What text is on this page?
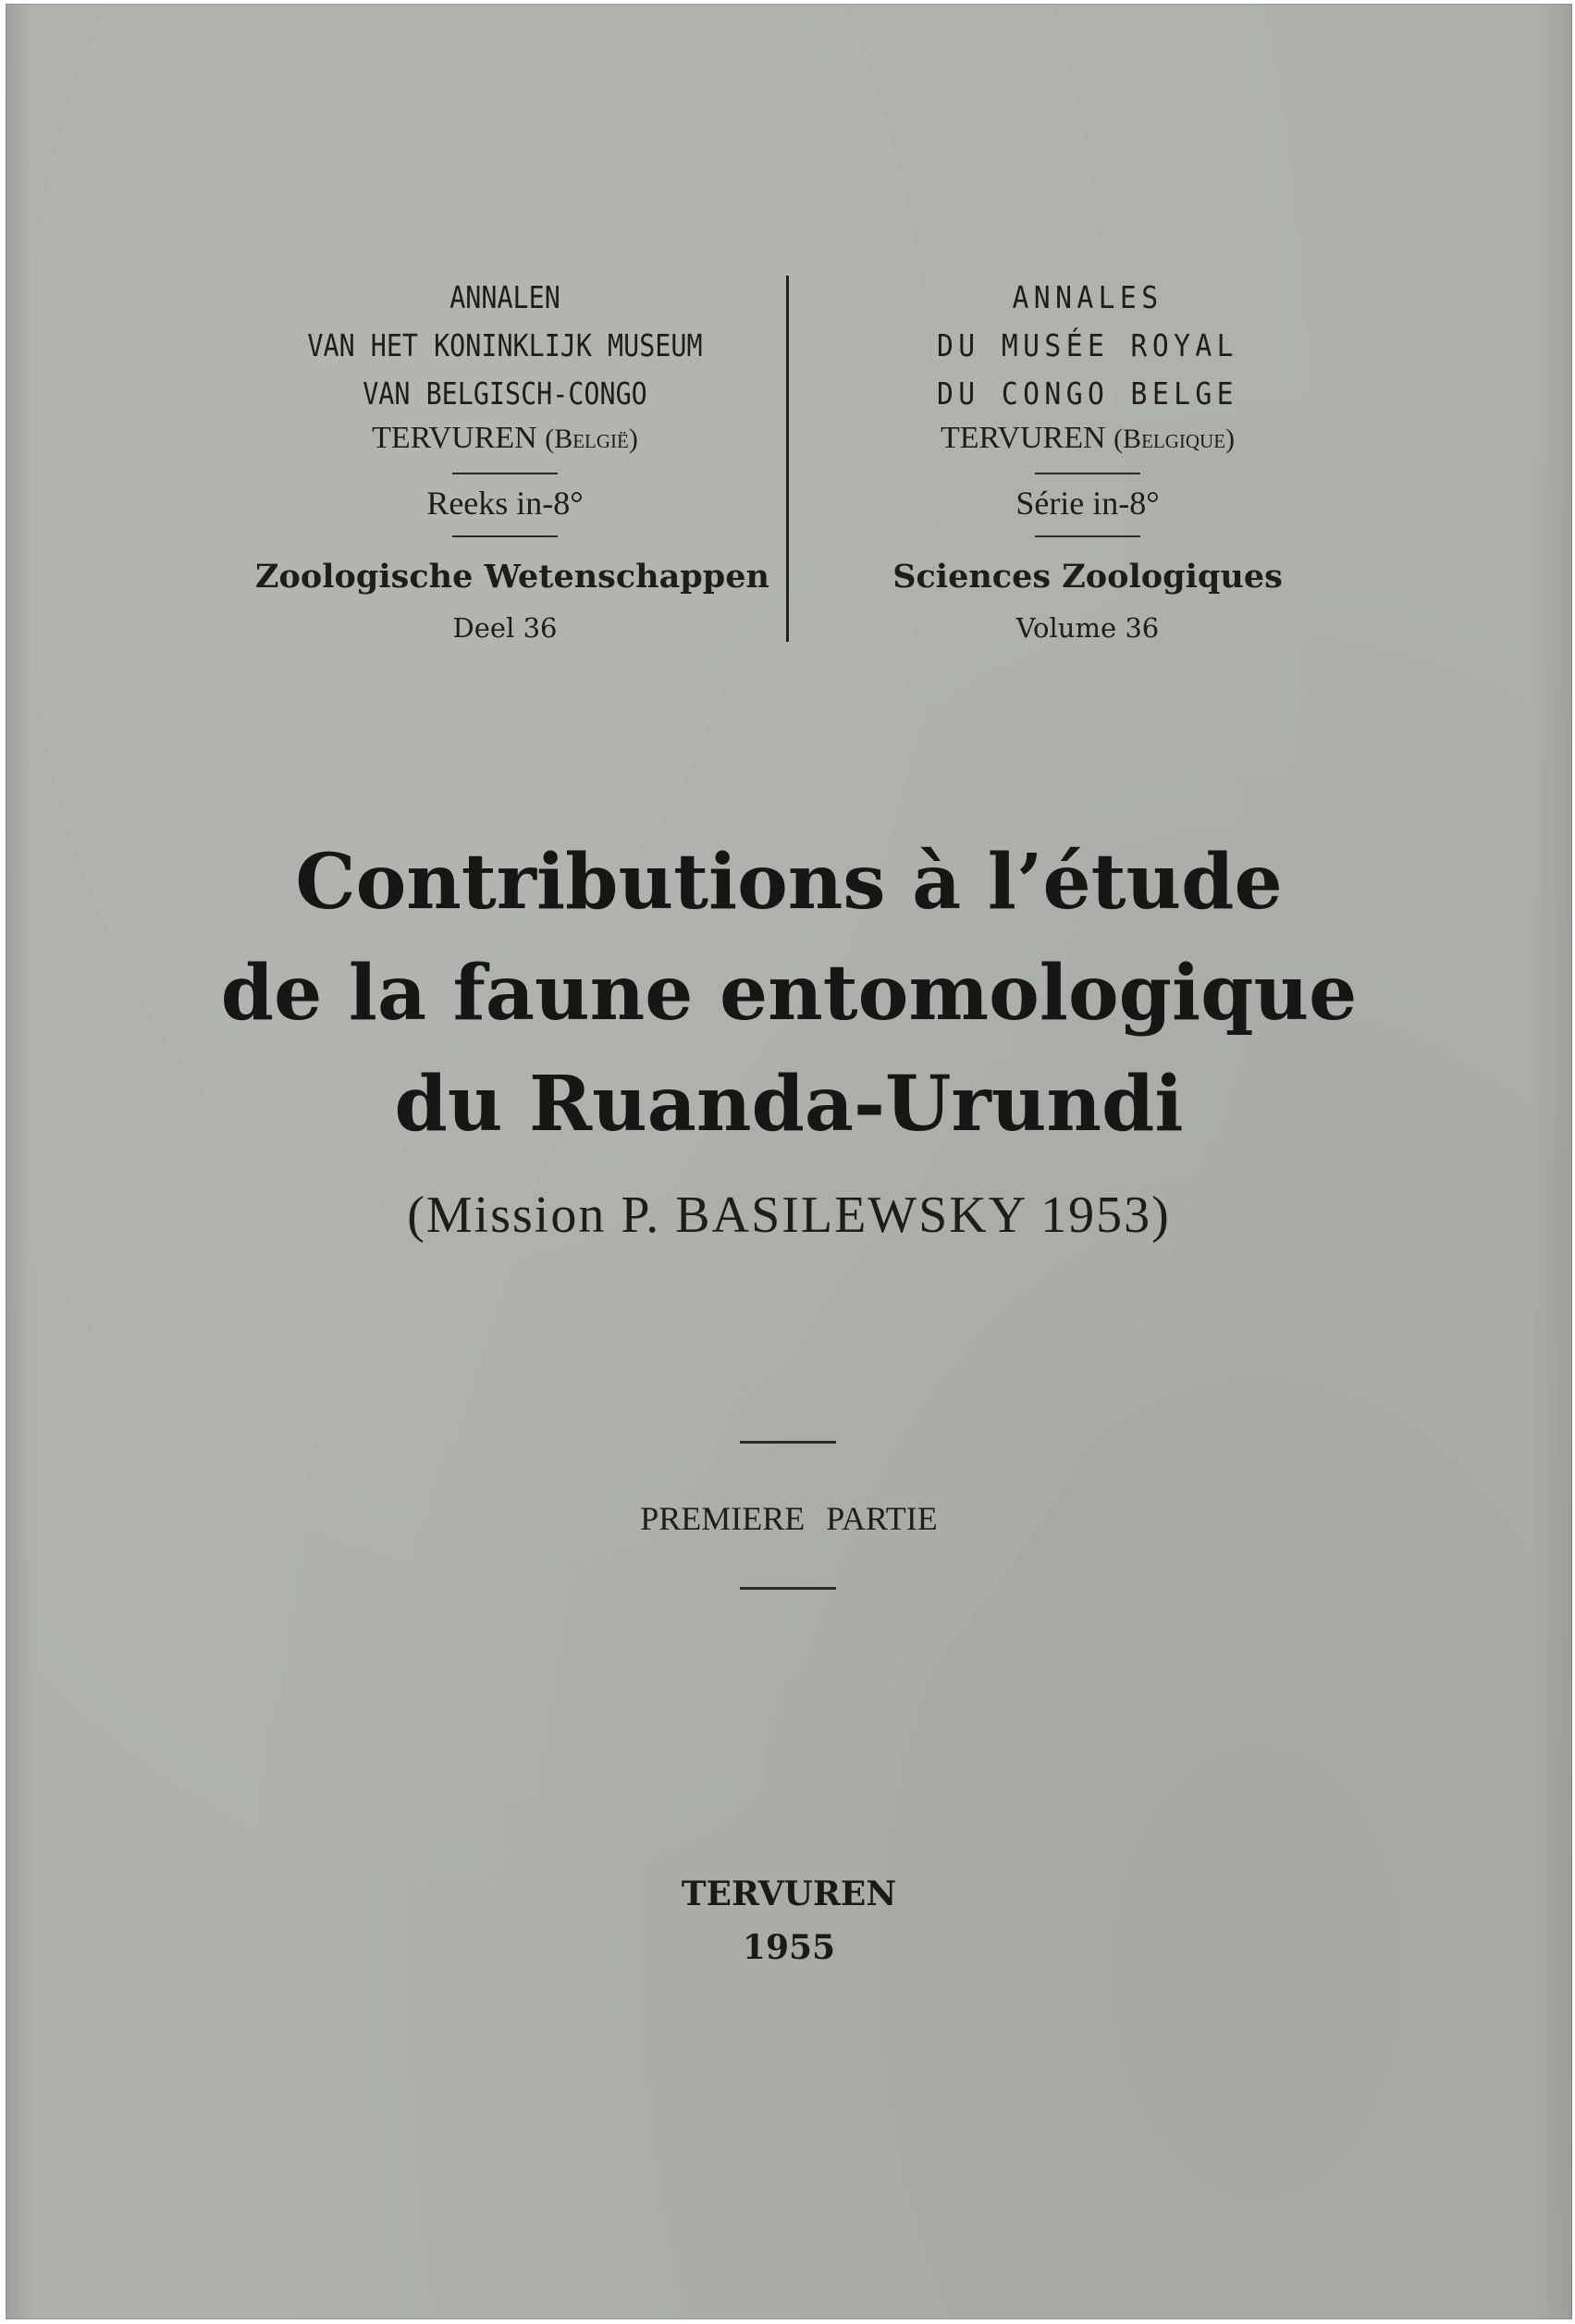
ANNALEN
VAN HET KONINKLIJK MUSEUM
VAN BELGISCH-CONGO
TERVUREN (België)
Reeks in-8°
Zoologische Wetenschappen
Deel 36
ANNALES
DU MUSÉE ROYAL
DU CONGO BELGE
TERVUREN (Belgique)
Série in-8°
Sciences Zoologiques
Volume 36
Contributions à l’étude
de la faune entomologique
du Ruanda-Urundi
(Mission P. BASILEWSKY 1953)
PREMIERE PARTIE
TERVUREN
1955
